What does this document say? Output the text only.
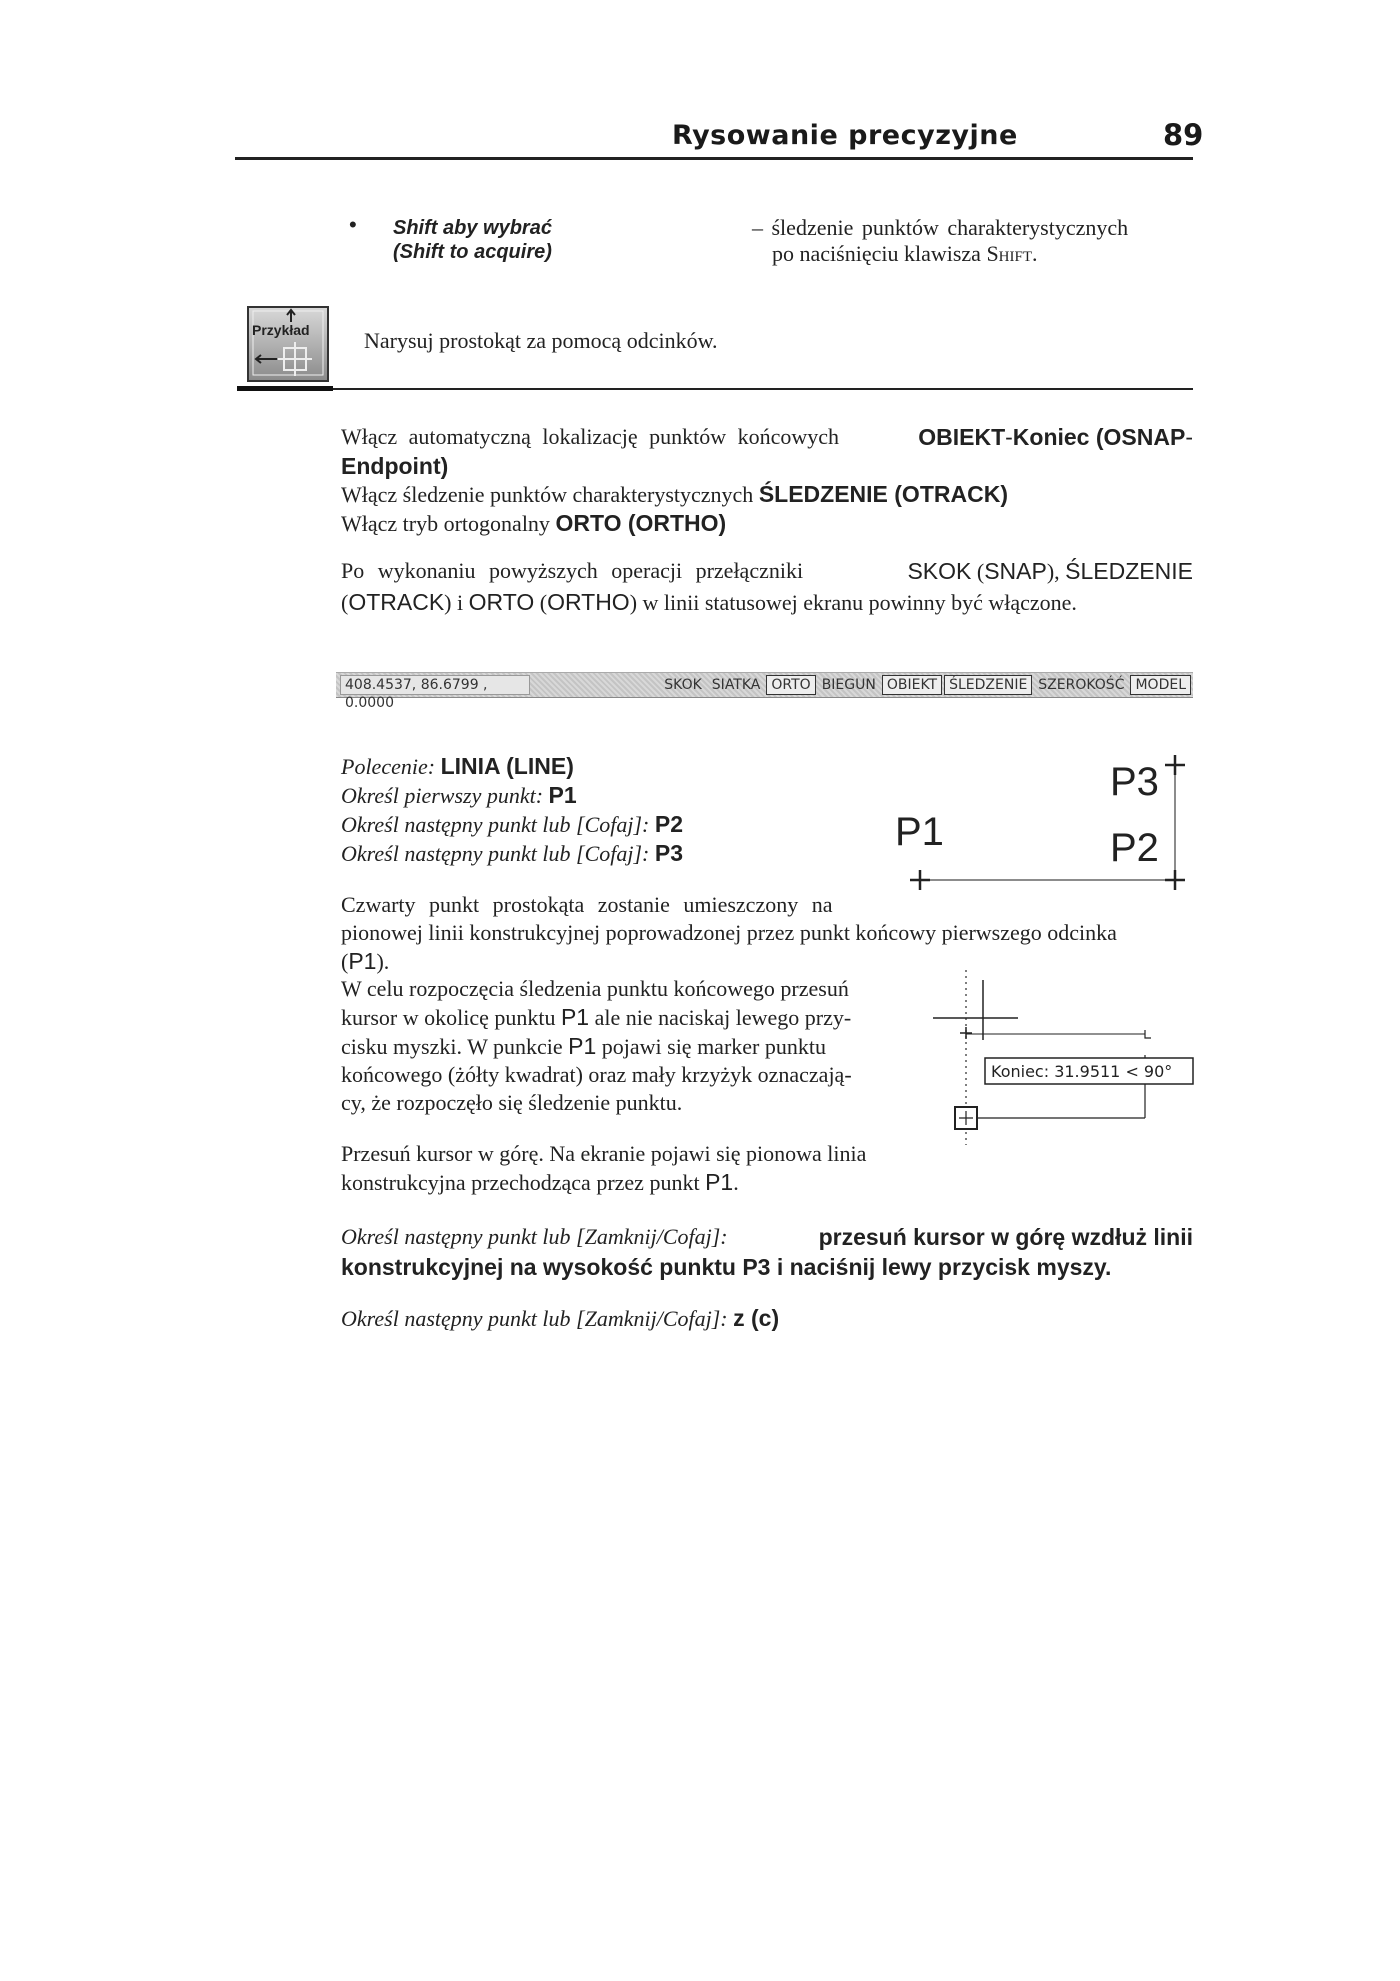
Rysowanie precyzyjne	89
• Shift aby wybrać
(Shift to acquire)
– śledzenie punktów charakterystycznych
po naciśnięciu klawisza Shift.
Przykład Narysuj prostokąt za pomocą odcinków.
Włącz automatyczną lokalizację punktów końcowych	OBIEKT-Koniec (OSNAP-
Endpoint)
Włącz śledzenie punktów charakterystycznych ŚLEDZENIE (OTRACK)
Włącz tryb ortogonalny ORTO (ORTHO)
Po wykonaniu powyższych operacji przełączniki	SKOK (SNAP), ŚLEDZENIE
(OTRACK) i ORTO (ORTHO) w linii statusowej ekranu powinny być włączone.
408.4537, 86.6799 , 0.0000
SKOK SIATKA ORTO BIEGUN OBIEKT ŚLEDZENIE SZEROKOŚĆ MODEL
Polecenie: LINIA (LINE)
Określ pierwszy punkt: P1
Określ następny punkt lub [Cofaj]: P2
Określ następny punkt lub [Cofaj]: P3	P1	P2
P3
Czwarty punkt prostokąta zostanie umieszczony na
pionowej linii konstrukcyjnej poprowadzonej przez punkt końcowy pierwszego odcinka
(P1).
W celu rozpoczęcia śledzenia punktu końcowego przesuń
kursor w okolicę punktu P1 ale nie naciskaj lewego przy-
cisku myszki. W punkcie P1 pojawi się marker punktu
końcowego (żółty kwadrat) oraz mały krzyżyk oznaczają-
cy, że rozpoczęło się śledzenie punktu.
Koniec: 31.9511 < 90°
Przesuń kursor w górę. Na ekranie pojawi się pionowa linia
konstrukcyjna przechodząca przez punkt P1.
Określ następny punkt lub [Zamknij/Cofaj]:	przesuń kursor w górę wzdłuż linii
konstrukcyjnej na wysokość punktu P3 i naciśnij lewy przycisk myszy.
Określ następny punkt lub [Zamknij/Cofaj]: z (c)
